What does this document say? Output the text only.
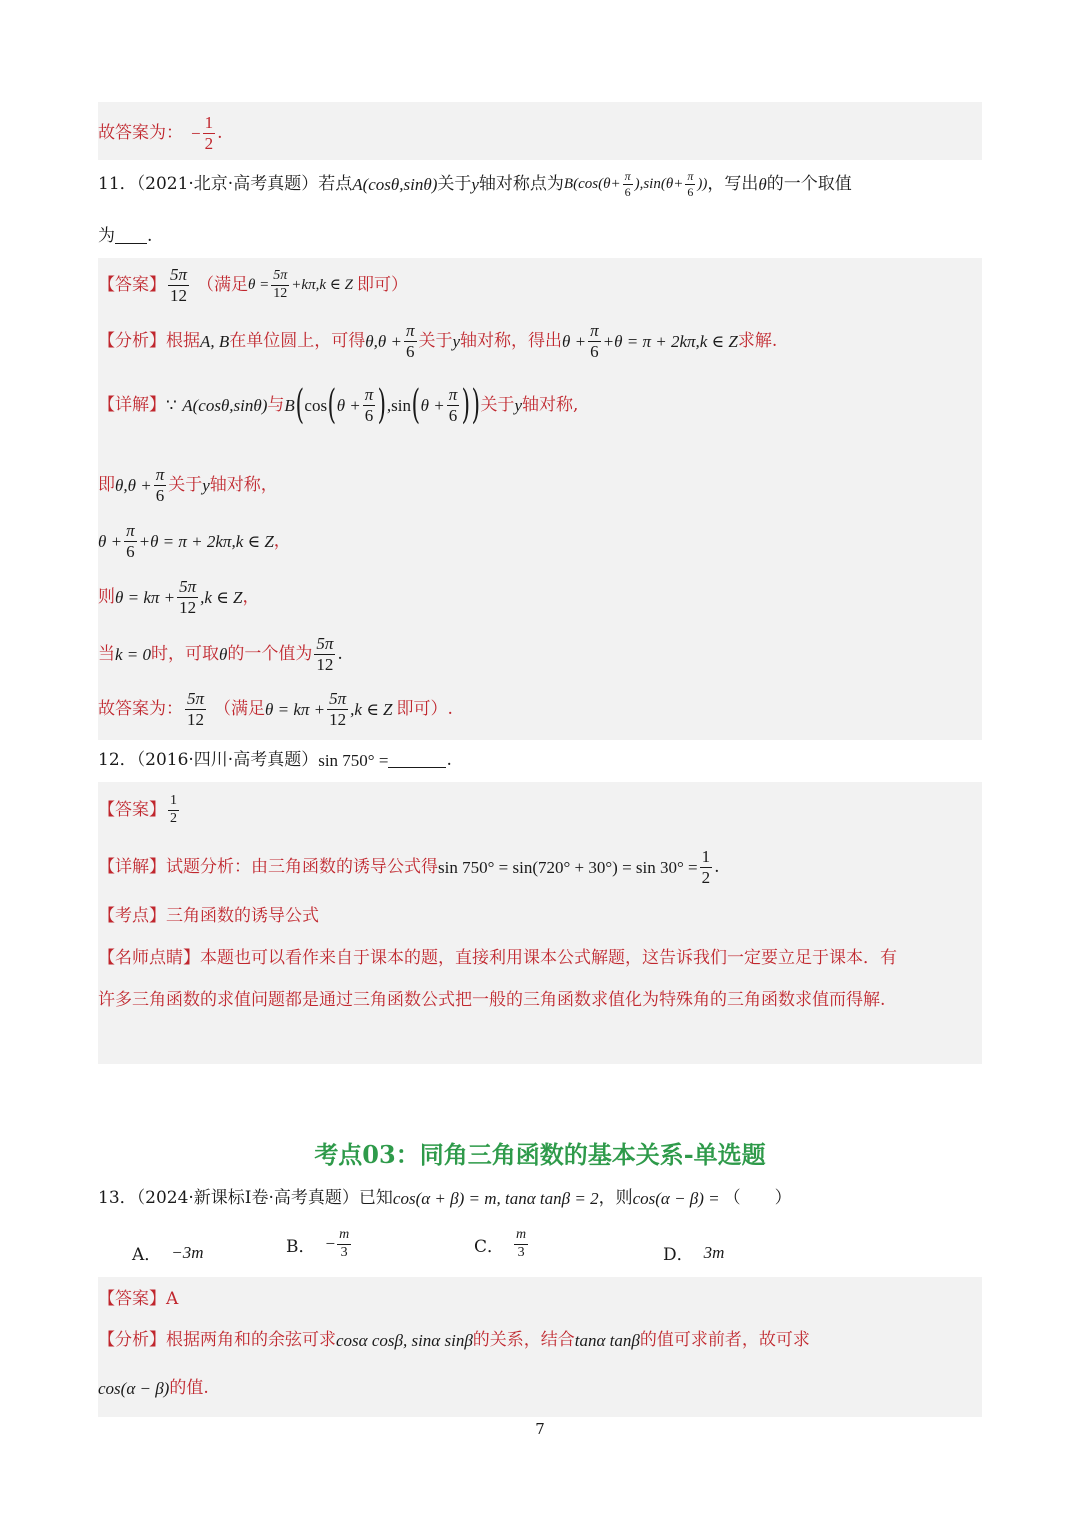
故答案为： − $\frac{1}{2}$ .
11．（2021·北京·高考真题）若点 A (cosθ,sinθ) 关于 y 轴对称点为 B ($\cos(\theta+ \frac{\pi}{6} ),\sin(\theta+ \frac{\pi}{6}$ )) ，写出 θ 的一个取值
为 .
【答案】 $\frac{5\pi}{12}$ （满足 $\theta = \frac{5\pi}{12} +k\pi,k$ ∈ Z 即可）
【分析】 根据 A, B 在单位圆上，可得 $\theta,\theta + \frac{\pi}{6}$ 关于 y 轴对称，得出 $\theta + \frac{\pi}{6} +\theta = \pi + 2k\pi,k$ ∈ Z 求解.
【详解】 ∵
A(cosθ,sinθ) 与 B ( cos ( $\theta + \frac{\pi}{6}$ ) ,sin ( $\theta + \frac{\pi}{6}$ ) ) 关于 y 轴对称,
即 $\theta,\theta + \frac{\pi}{6}$ 关于 y 轴对称，
$\theta + \frac{\pi}{6} +\theta = \pi + 2k\pi,k$ ∈ Z ，
则 $\theta = k\pi + \frac{5\pi}{12} ,k$ ∈ Z ，
当 k = 0 时，可取 θ 的一个值为 $\frac{5\pi}{12}$ .
故答案为： $\frac{5\pi}{12}$ （满足 $\theta = k\pi + \frac{5\pi}{12} ,k$ ∈ Z 即可）.
12．（2016·四川·高考真题） sin 750° =	.
【答案】 $\frac{1}{2}$
【详解】 试题分析：由三角函数的诱导公式得 $\sin 750^\circ = \sin(720^\circ + 30^\circ) = \sin 30^\circ = \frac{1}{2}$ .
【考点】 三角函数的诱导公式
【名师点睛】 本题也可以看作来自于课本的题，直接利用课本公式解题，这告诉我们一定要立足于课本．有
许多三角函数的求值问题都是通过三角函数公式把一般的三角函数求值化为特殊角的三角函数求值而得解.
考点03：同角三角函数的基本关系-单选题
13．（2024·新课标Ⅰ卷·高考真题）已知 cos(α + β) = m, tanα tanβ = 2 ，则 cos(α − β) = （　　）
A． −3m	B． − $\frac{m}{3}$	C． $\frac{m}{3}$	D． 3m
【答案】 A
【分析】 根据两角和的余弦可求 cosα cosβ, sinα sinβ 的关系，结合 tanα tanβ 的值可求前者，故可求
cos(α − β) 的值.
7
